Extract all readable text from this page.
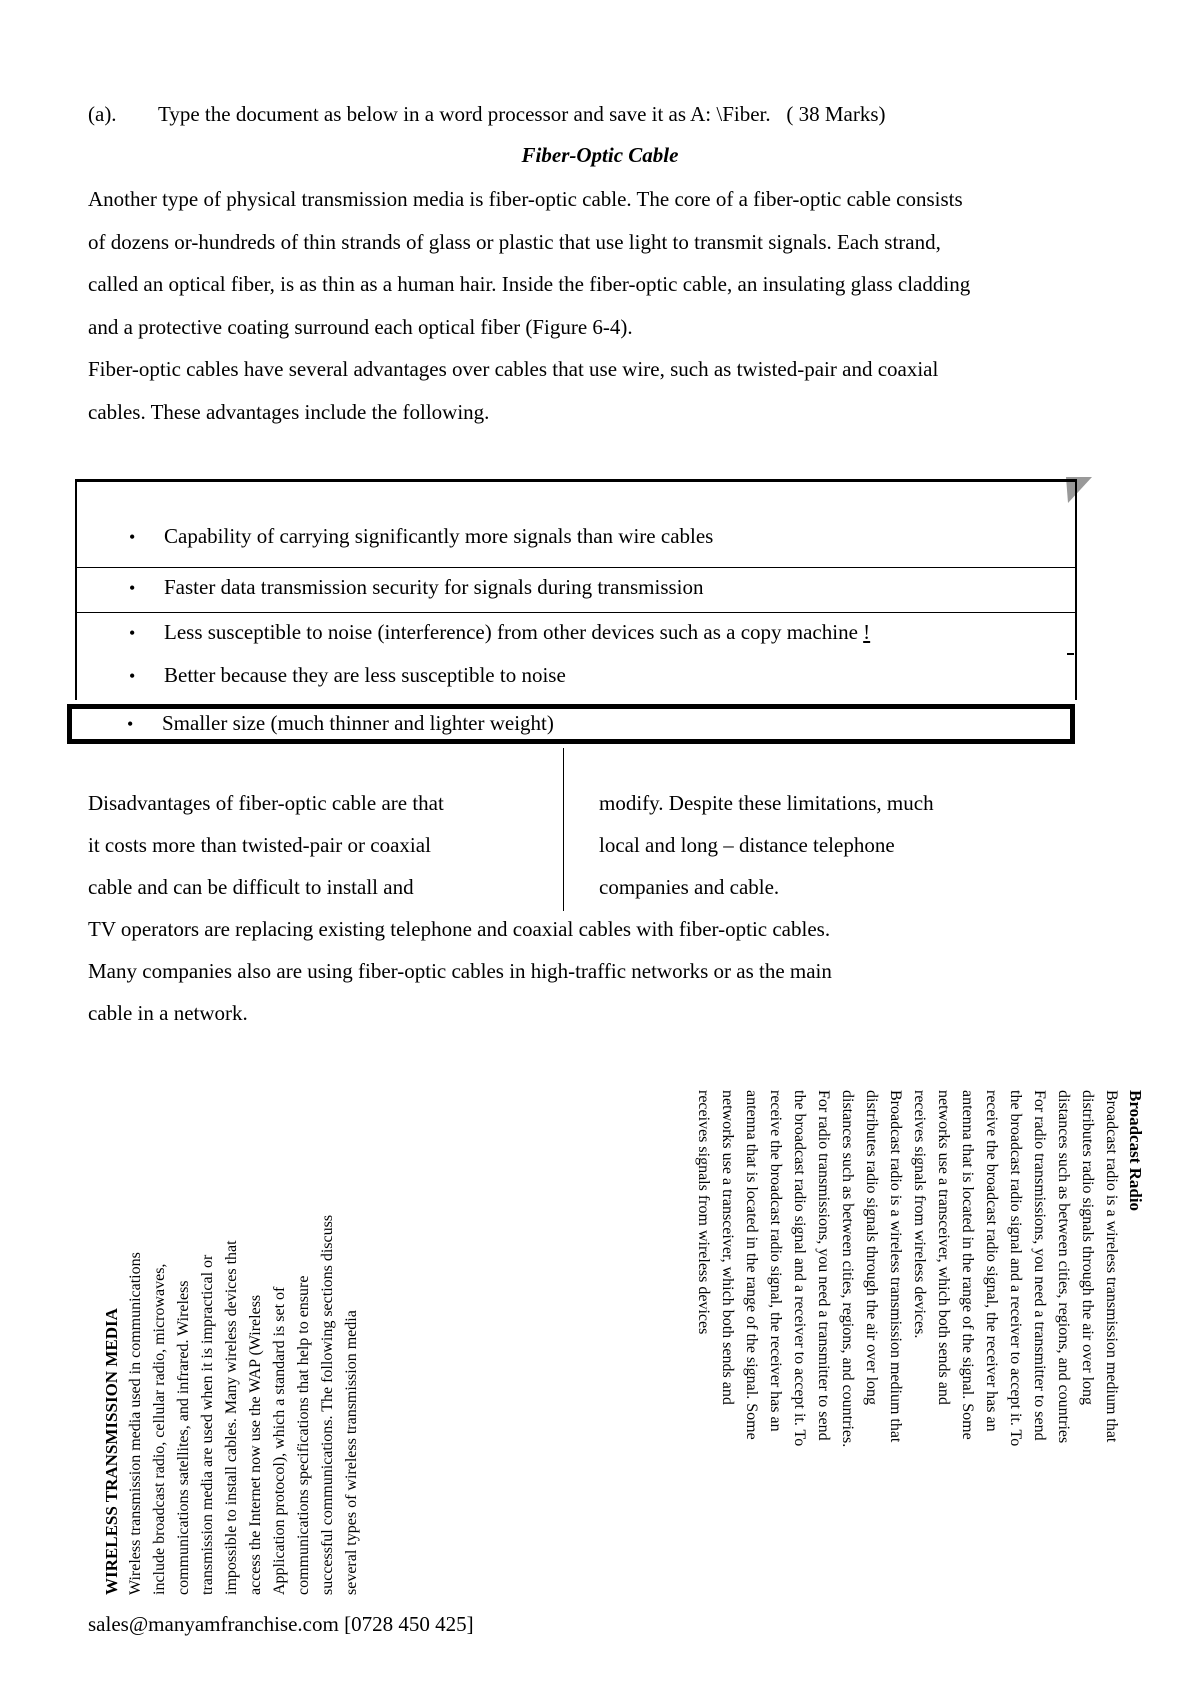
(a). Type the document as below in a word processor and save it as A: \Fiber. ( 38 Marks)
Fiber-Optic Cable
Another type of physical transmission media is fiber-optic cable. The core of a fiber-optic cable consists
of dozens or-hundreds of thin strands of glass or plastic that use light to transmit signals. Each strand,
called an optical fiber, is as thin as a human hair. Inside the fiber-optic cable, an insulating glass cladding
and a protective coating surround each optical fiber (Figure 6-4).
Fiber-optic cables have several advantages over cables that use wire, such as twisted-pair and coaxial
cables. These advantages include the following.
• Capability of carrying significantly more signals than wire cables
• Faster data transmission security for signals during transmission
• Less susceptible to noise (interference) from other devices such as a copy machine !
• Better because they are less susceptible to noise
• Smaller size (much thinner and lighter weight)
Disadvantages of fiber-optic cable are that
it costs more than twisted-pair or coaxial
cable and can be difficult to install and
modify. Despite these limitations, much
local and long – distance telephone
companies and cable.
TV operators are replacing existing telephone and coaxial cables with fiber-optic cables.
Many companies also are using fiber-optic cables in high-traffic networks or as the main
cable in a network.
WIRELESS TRANSMISSION MEDIA Wireless transmission media used in communications include broadcast radio, cellular radio, microwaves, communications satellites, and infrared. Wireless transmission media are used when it is impractical or impossible to install cables. Many wireless devices that access the Internet now use the WAP (Wireless Application protocol), which a standard is set of communications specifications that help to ensure successful communications. The following sections discuss several types of wireless transmission media
Broadcast Radio
Broadcast radio is a wireless transmission medium that
distributes radio signals through the air over long
distances such as between cities, regions, and countries
For radio transmissions, you need a transmitter to send
the broadcast radio signal and a receiver to accept it. To
receive the broadcast radio signal, the receiver has an
antenna that is located in the range of the signal. Some
networks use a transceiver, which both sends and
receives signals from wireless devices.
Broadcast radio is a wireless transmission medium that
distributes radio signals through the air over long
distances such as between cities, regions, and countries.
For radio transmissions, you need a transmitter to send
the broadcast radio signal and a receiver to accept it. To
receive the broadcast radio signal, the receiver has an
antenna that is located in the range of the signal. Some
networks use a transceiver, which both sends and
receives signals from wireless devices
sales@manyamfranchise.com [0728 450 425]
